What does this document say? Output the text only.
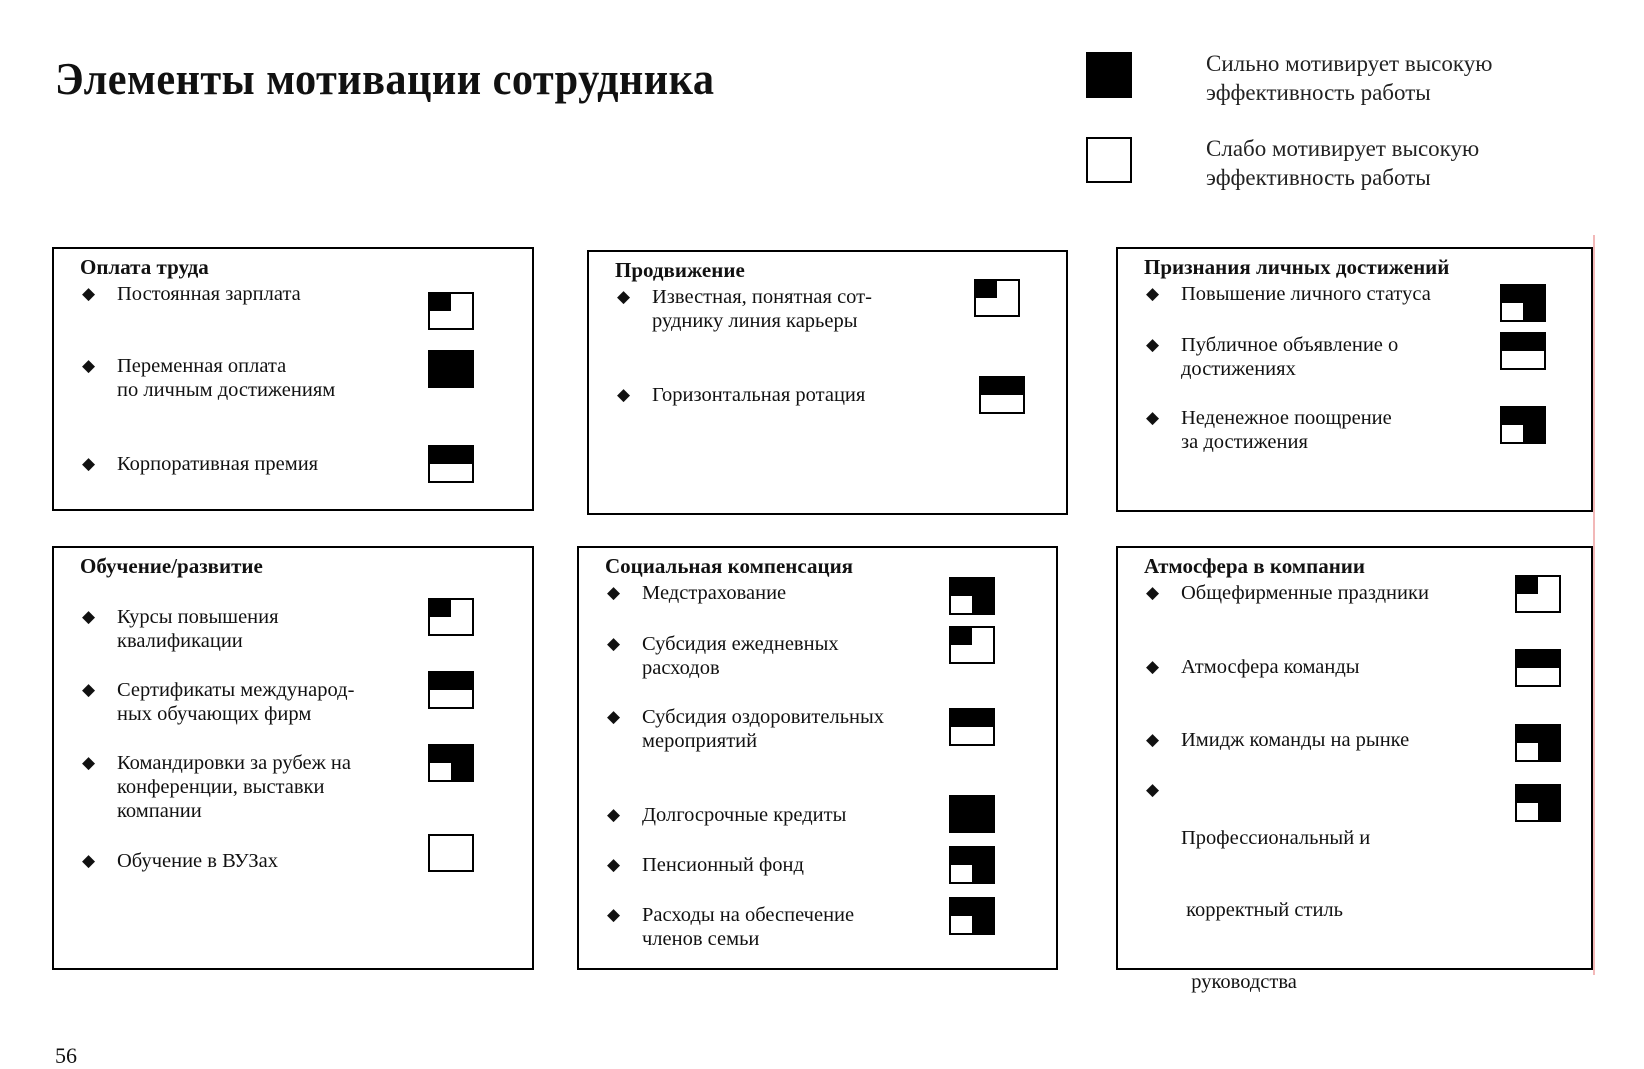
Элементы мотивации сотрудника	Сильно мотивирует высокую
эффективность работы
Слабо мотивирует высокую
эффективность работы
Оплата труда
◆ Постоянная зарплата
◆ Переменная оплата
по личным достижениям
◆ Корпоративная премия
Продвижение
◆ Известная, понятная сот-
руднику линия карьеры
◆ Горизонтальная ротация
Признания личных достижений
◆ Повышение личного статуса
◆ Публичное объявление о
достижениях
◆ Неденежное поощрение
за достижения
Обучение/развитие
◆ Курсы повышения
квалификации
◆ Сертификаты международ-
ных обучающих фирм
◆ Командировки за рубеж на
конференции, выставки
компании
◆ Обучение в ВУЗах
Социальная компенсация
◆ Медстрахование
◆ Субсидия ежедневных
расходов
◆ Субсидия оздоровительных
мероприятий
◆ Долгосрочные кредиты
◆ Пенсионный фонд
◆ Расходы на обеспечение
членов семьи
Атмосфера в компании
◆ Общефирменные праздники
◆ Атмосфера команды
◆ Имидж команды на рынке
◆

Профессиональный и

корректный стиль

руководства

56
